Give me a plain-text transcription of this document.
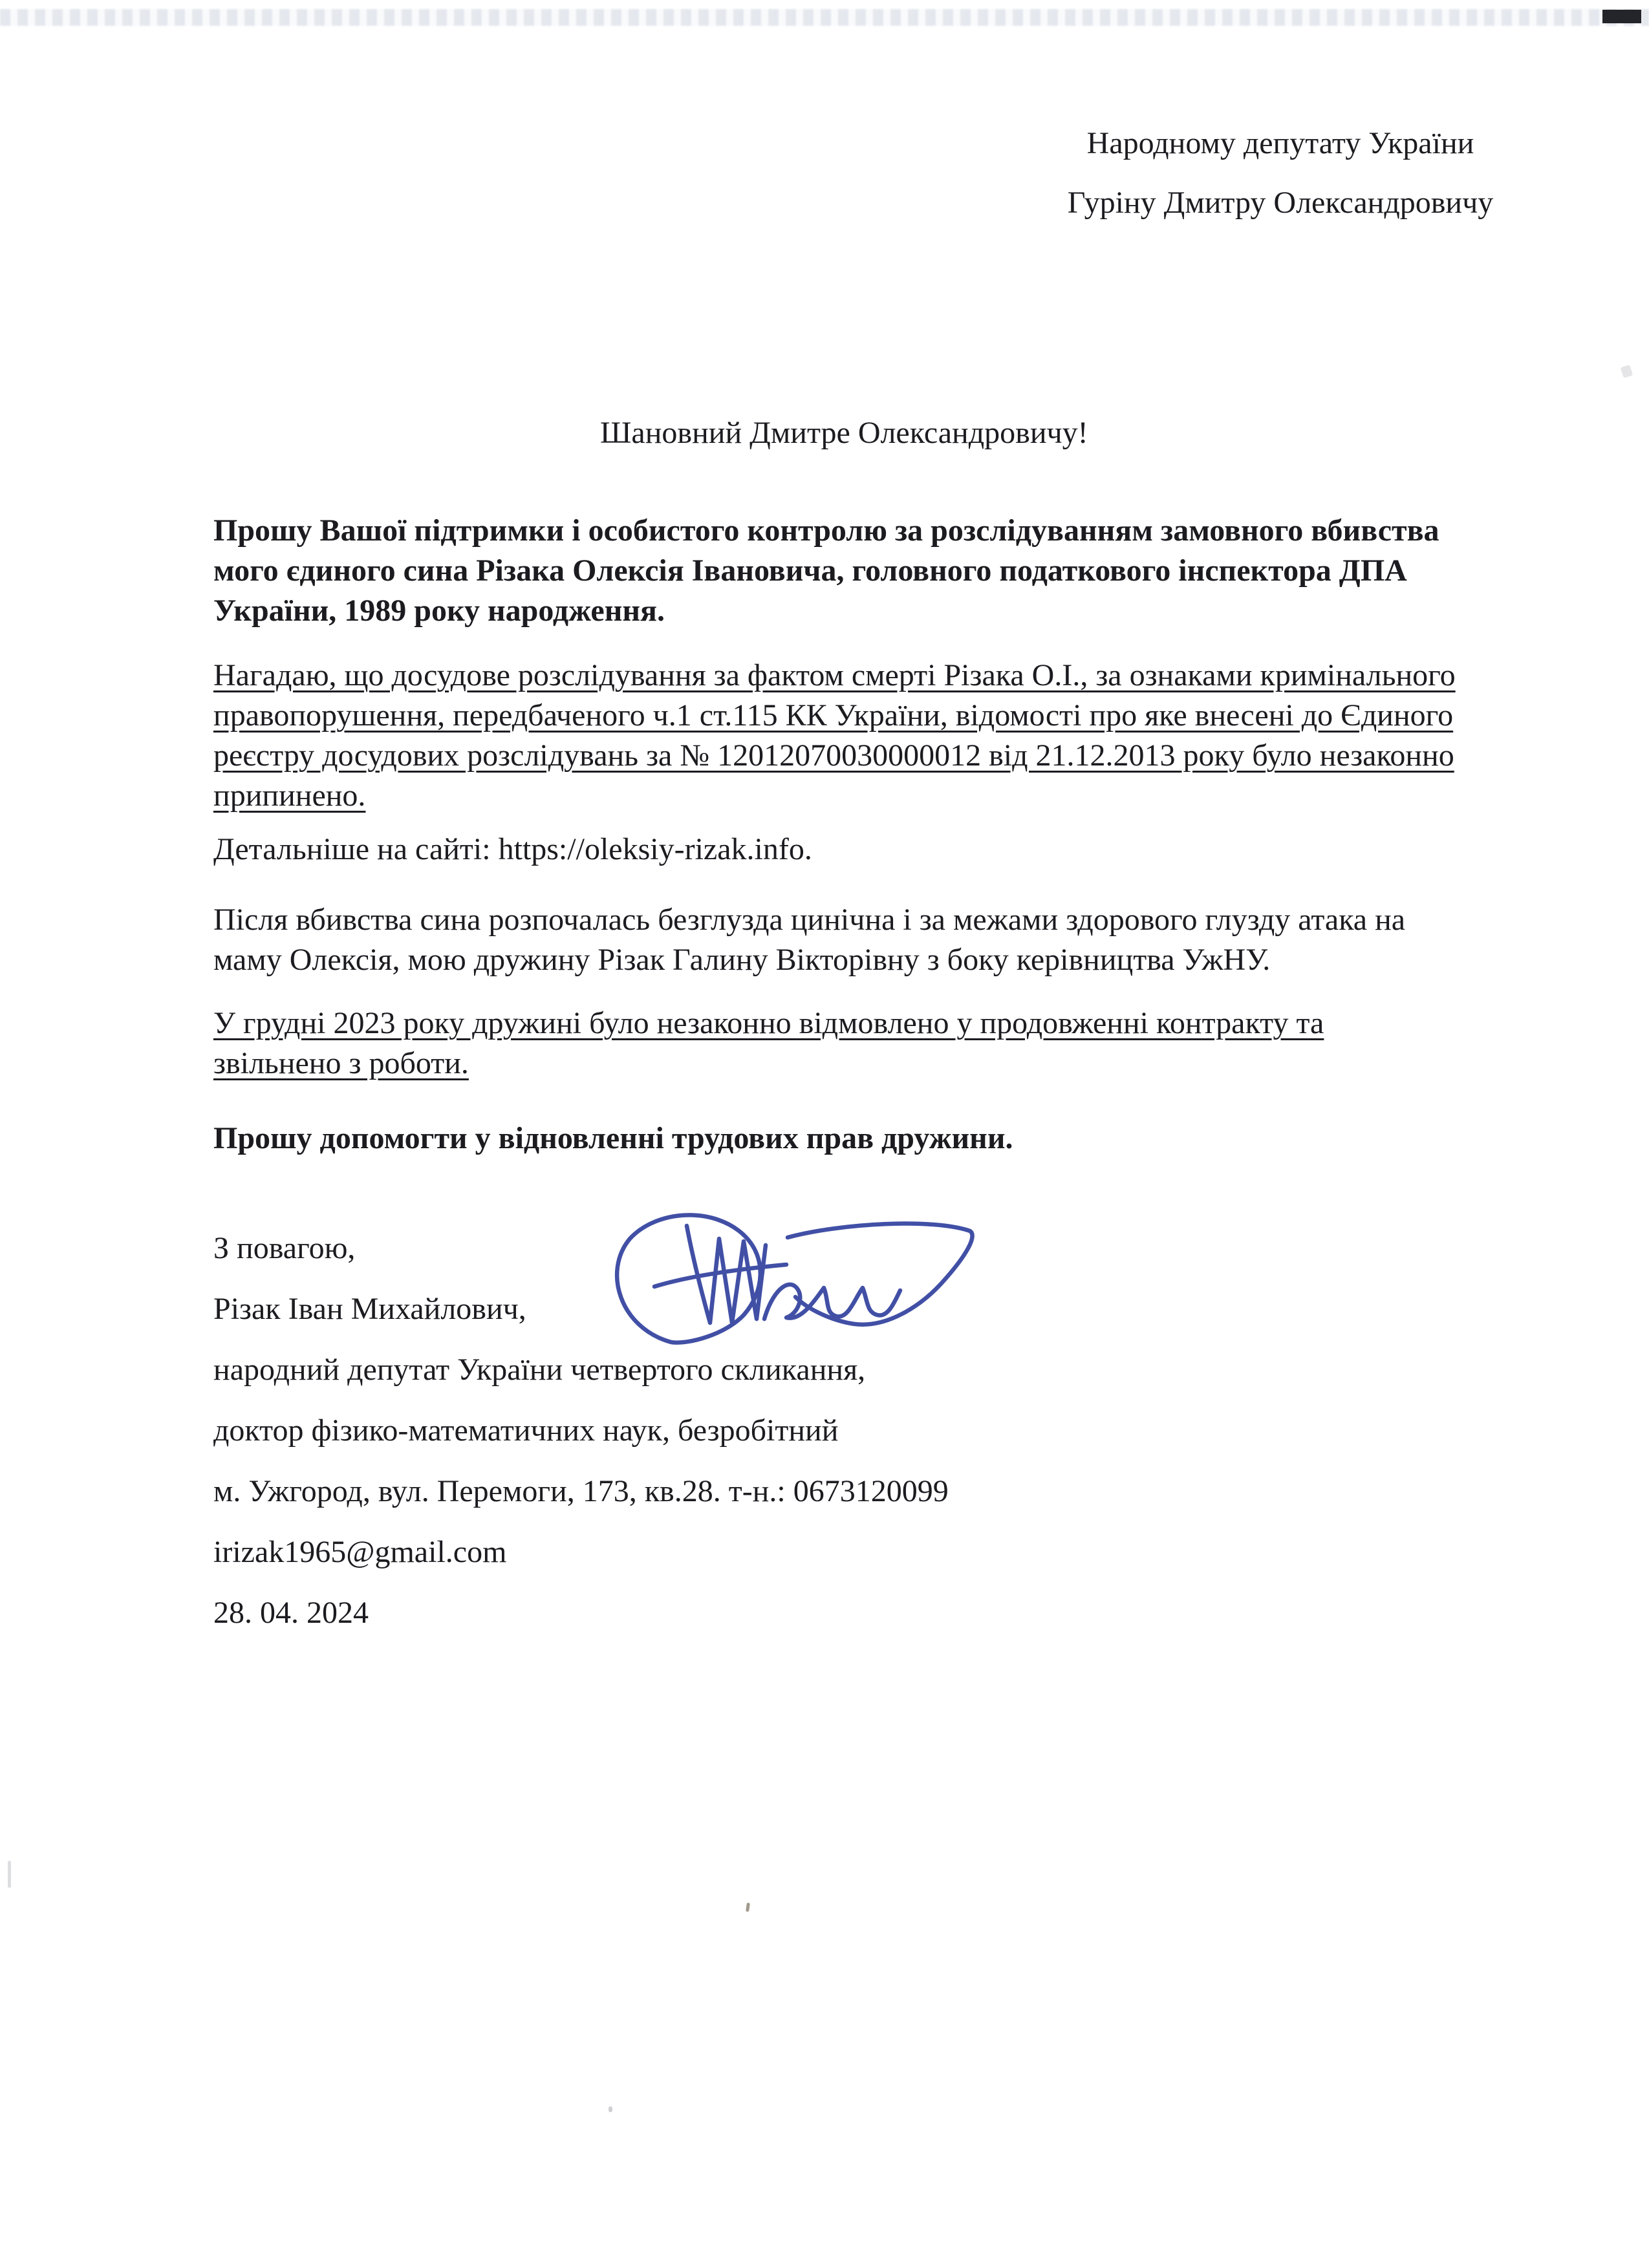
Народному депутату України
Гуріну Дмитру Олександровичу
Шановний Дмитре Олександровичу!
Прошу Вашої підтримки і особистого контролю за розслідуванням замовного вбивства
мого єдиного сина Різака Олексія Івановича, головного податкового інспектора ДПА
України, 1989 року народження.
Нагадаю, що досудове розслідування за фактом смерті Різака О.І., за ознаками кримінального
правопорушення, передбаченого ч.1 ст.115 КК України, відомості про яке внесені до Єдиного
реєстру досудових розслідувань за № 12012070030000012 від 21.12.2013 року було незаконно
припинено.
Детальніше на сайті: https://oleksiy-rizak.info.
Після вбивства сина розпочалась безглузда цинічна і за межами здорового глузду атака на
маму Олексія, мою дружину Різак Галину Вікторівну з боку керівництва УжНУ.
У грудні 2023 року дружині було незаконно відмовлено у продовженні контракту та
звільнено з роботи.
Прошу допомогти у відновленні трудових прав дружини.
З повагою,
Різак Іван Михайлович,
народний депутат України четвертого скликання,
доктор фізико-математичних наук, безробітний
м. Ужгород, вул. Перемоги, 173, кв.28. т-н.: 0673120099
irizak1965@gmail.com
28. 04. 2024
